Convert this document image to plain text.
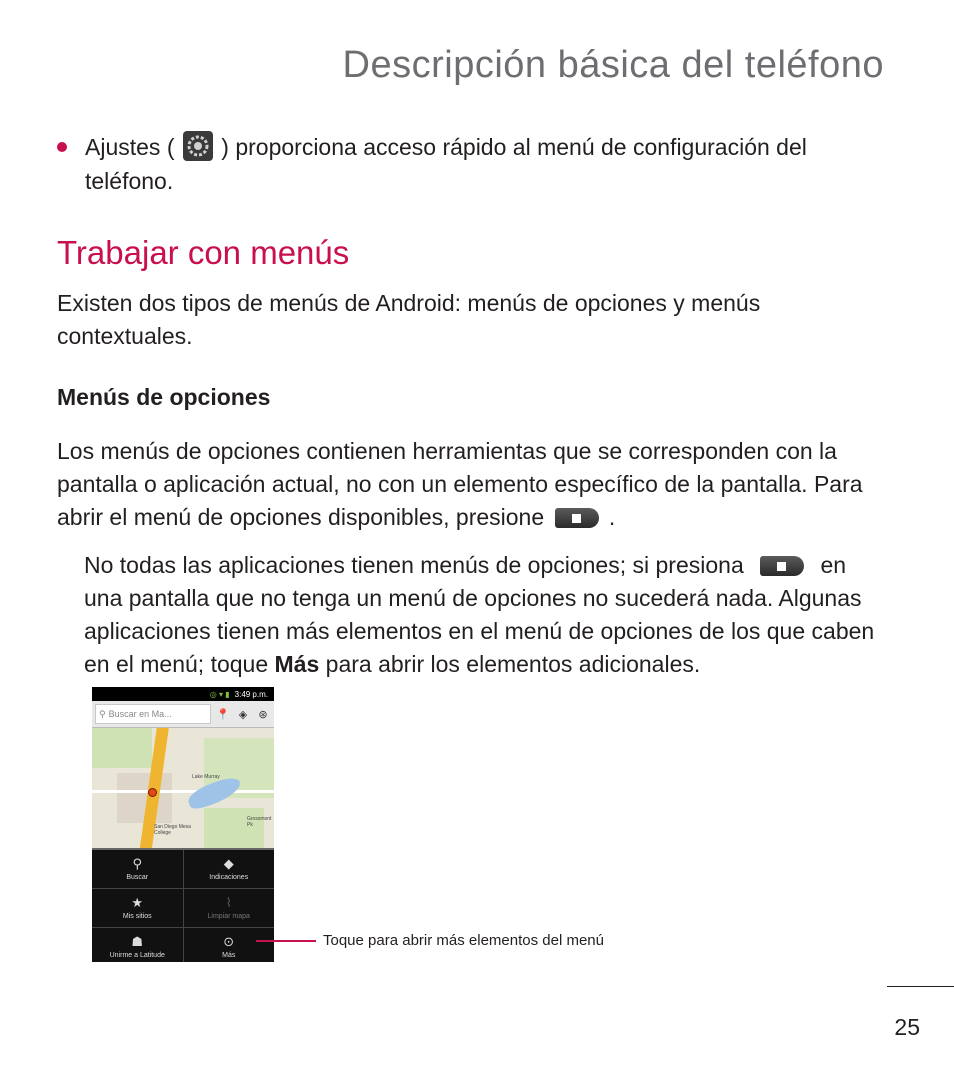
Descripción básica del teléfono
Ajustes (
) proporciona acceso rápido al menú de configuración del teléfono.
Trabajar con menús
Existen dos tipos de menús de Android: menús de opciones y menús contextuales.
Menús de opciones
Los menús de opciones contienen herramientas que se corresponden con la pantalla o aplicación actual, no con un elemento específico de la pantalla. Para abrir el menú de opciones disponibles, presione	.
No todas las aplicaciones tienen menús de opciones; si presiona	en una pantalla que no tenga un menú de opciones no sucederá nada. Algunas aplicaciones tienen más elementos en el menú de opciones de los que caben en el menú; toque Más para abrir los elementos adicionales.
◎ ▾ ▮ 3:49 p.m.
⚲ Buscar en Ma...	📍 ◈	⊛
Lake Murray
San Diego Mesa College
Grossmont Pk
⚲
Buscar
◆
Indicaciones
★
Mis sitios
⌇
Limpiar mapa
☗
Unirme a Latitude
⊙
Más
Toque para abrir más elementos del menú
25
